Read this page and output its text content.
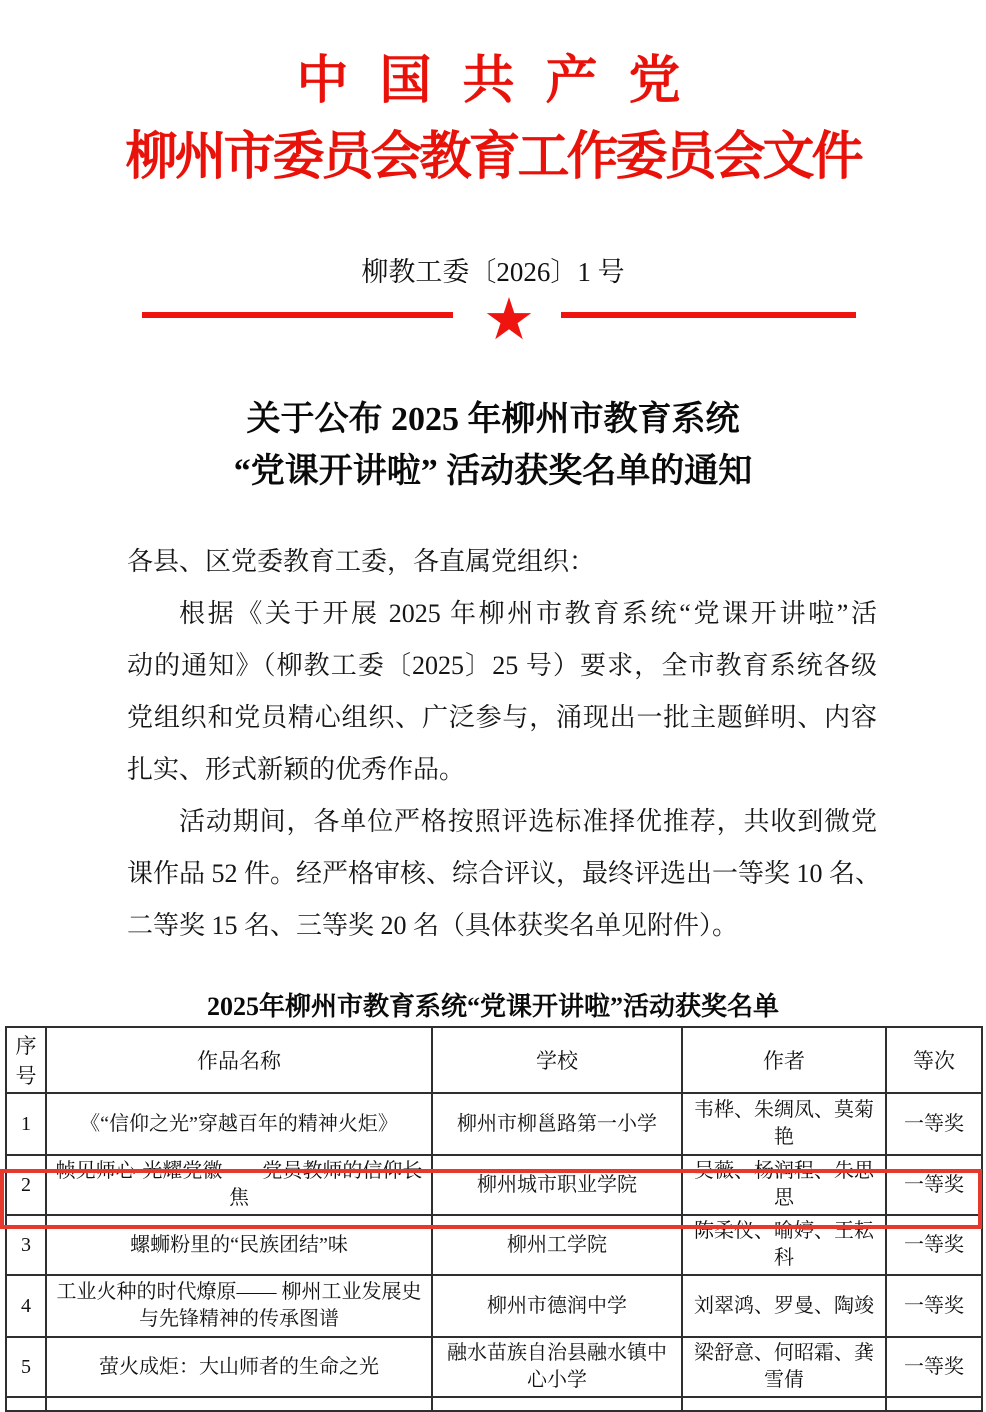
中 国 共 产 党
柳州市委员会教育工作委员会文件
柳教工委〔2026〕1 号
★
关于公布 2025 年柳州市教育系统
“党课开讲啦” 活动获奖名单的通知
各县、区党委教育工委，各直属党组织：
根据《关于开展 2025 年柳州市教育系统“党课开讲啦”活
动的通知》（柳教工委〔2025〕25 号）要求，全市教育系统各级
党组织和党员精心组织、广泛参与，涌现出一批主题鲜明、内容
扎实、形式新颖的优秀作品。
活动期间，各单位严格按照评选标准择优推荐，共收到微党
课作品 52 件。经严格审核、综合评议，最终评选出一等奖 10 名、
二等奖 15 名、三等奖 20 名（具体获奖名单见附件）。
2025年柳州市教育系统“党课开讲啦”活动获奖名单
序号	作品名称	学校	作者	等次
1	《“信仰之光”穿越百年的精神火炬》	柳州市柳邕路第一小学	韦桦、朱绸凤、莫菊艳	一等奖
2	帧见师心·光耀党徽——党员教师的信仰长焦	柳州城市职业学院	吴薇、杨润程、朱思思	一等奖
3	螺蛳粉里的“民族团结”味	柳州工学院	陈柔仪、喻婷、王耘科	一等奖
4	工业火种的时代燎原—— 柳州工业发展史与先锋精神的传承图谱	柳州市德润中学	刘翠鸿、罗曼、陶竣	一等奖
5	萤火成炬：大山师者的生命之光	融水苗族自治县融水镇中心小学	梁舒意、何昭霜、龚雪倩	一等奖
